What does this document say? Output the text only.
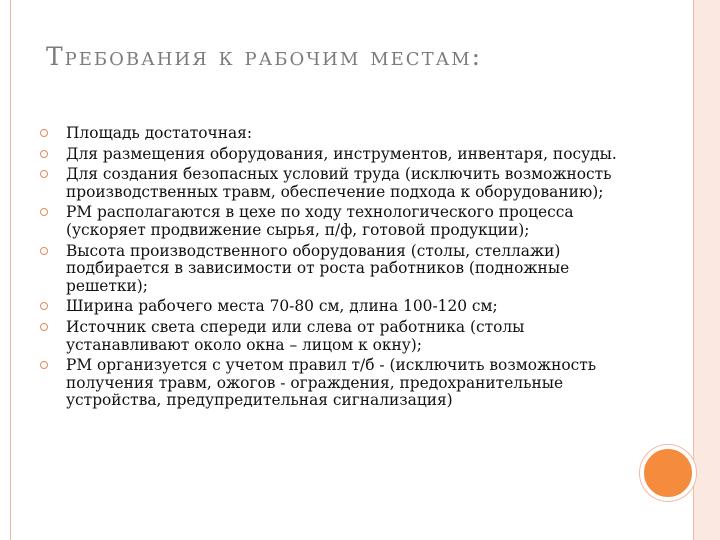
Требования к рабочим местам:
Площадь достаточная:
Для размещения оборудования, инструментов, инвентаря, посуды.
Для создания безопасных условий труда (исключить возможность производственных травм, обеспечение подхода к оборудованию);
РМ располагаются в цехе по ходу технологического процесса (ускоряет продвижение сырья, п/ф, готовой продукции);
Высота производственного оборудования (столы, стеллажи) подбирается в зависимости от роста работников (подножные решетки);
Ширина рабочего места 70-80 см, длина 100-120 см;
Источник света спереди или слева от работника (столы устанавливают около окна – лицом к окну);
РМ организуется с учетом правил т/б - (исключить возможность получения травм, ожогов - ограждения, предохранительные устройства, предупредительная сигнализация)
